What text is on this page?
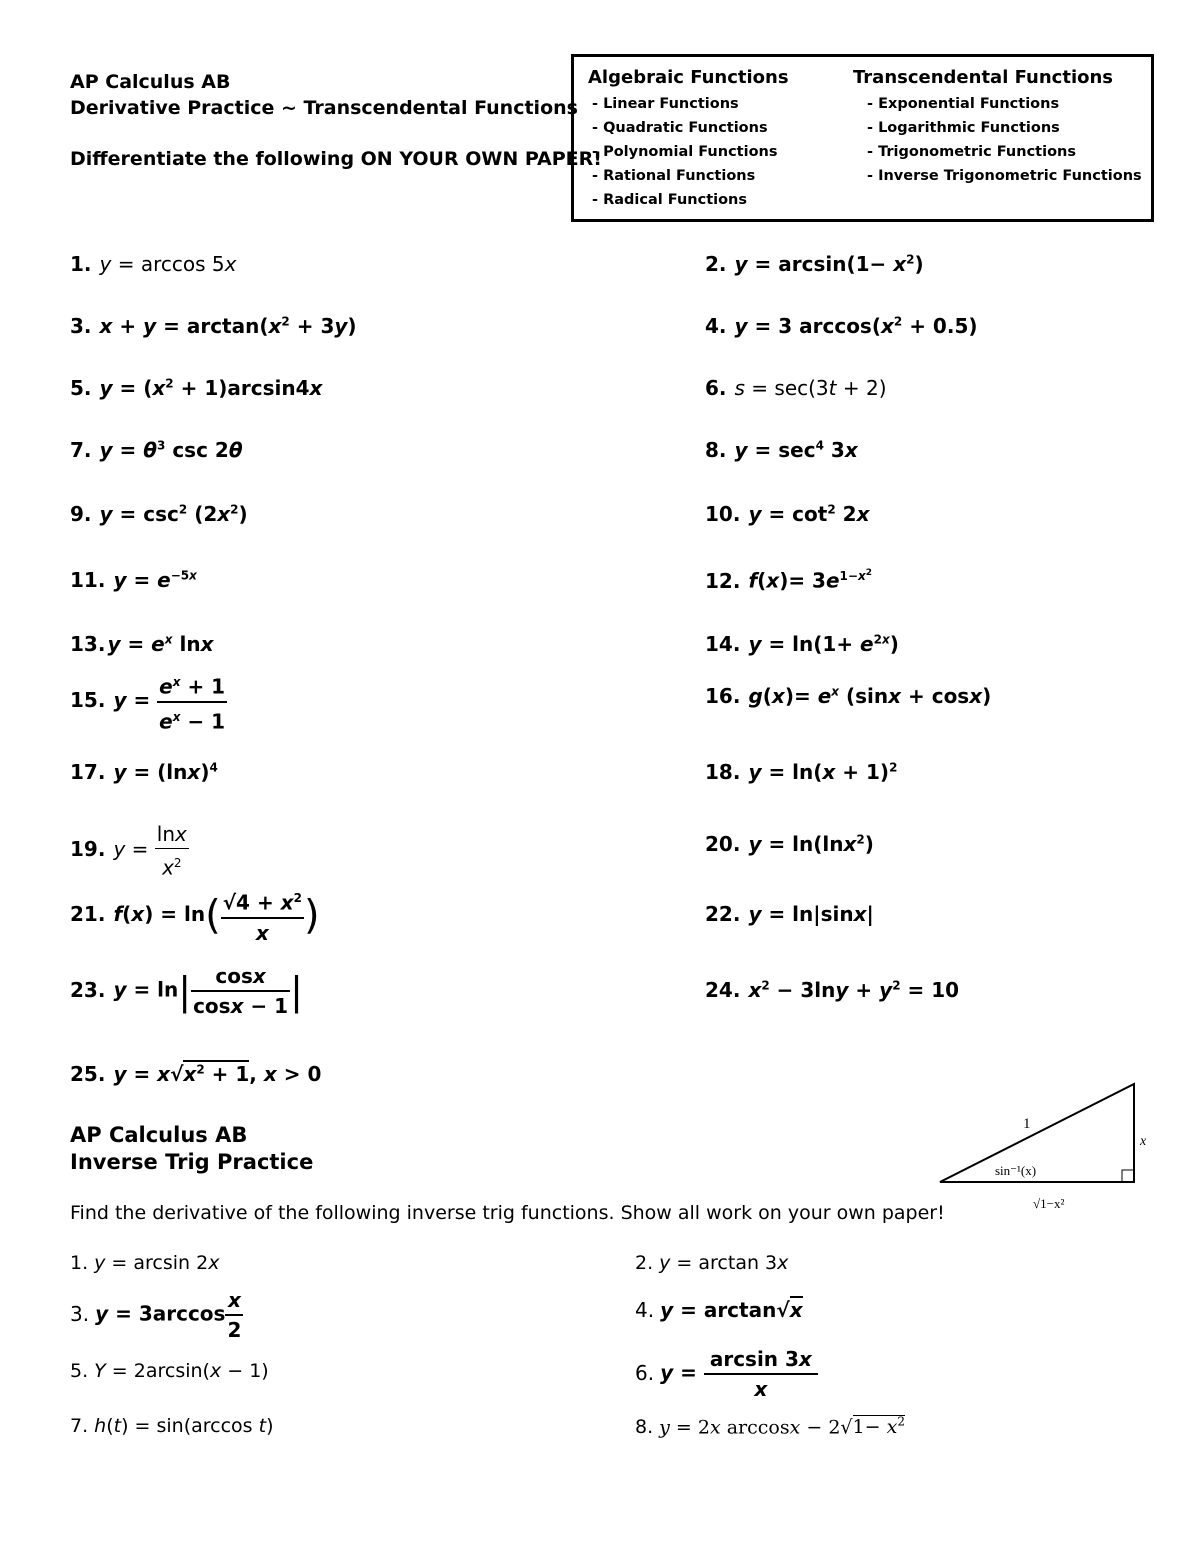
AP Calculus AB
Derivative Practice ~ Transcendental Functions
Differentiate the following ON YOUR OWN PAPER!
Algebraic Functions
- Linear Functions
- Quadratic Functions
- Polynomial Functions
- Rational Functions
- Radical Functions
Transcendental Functions
- Exponential Functions
- Logarithmic Functions
- Trigonometric Functions
- Inverse Trigonometric Functions
1. y = arccos 5x
3. $x + y = \arctan(x^2 + 3y)$
5. $y = (x^2 + 1)\arcsin 4x$
7. $y = \theta^3$ csc 2θ
9. $y = \csc^2 (2x^2)$
11. $y = e^{-5x}$
13. $y = e^x$ lnx
15. $y = \frac{e^x + 1}{e^x - 1}$
17. $y = (\ln x)^4$
19. $y = \frac{\ln x}{x^2}$
21. $f(x) = \ln( \frac{√4 + x^2}{x}$ )
23. $y = \ln| \frac{\cos x}{\cos x - 1}$ |
25. $y = x√x^2 + 1$, x > 0
2. $y = \arcsin(1- x^2)$
4. y = 3 $\arccos(x^2 + 0.5)$
6. s = sec(3t + 2)
8. $y = \sec^4 3x$
10. $y = \cot^2 2x$
12. $f(x)= 3e^{1-x^2}$
14. $y = \ln(1+ e^{2x})$
16. $g(x)= e^x$ (sinx + cosx)
18. $y = \ln(x + 1)^2$
20. y = ln(lnx$^2$)
22. y = ln|sinx|
24. $x^2 - 3\ln y + y^2 = 10$
AP Calculus AB
Inverse Trig Practice
Find the derivative of the following inverse trig functions. Show all work on your own paper!
1
x
sin⁻¹(x)
√1−x²
1. y = arcsin 2x
3. $y = 3\arccos \frac{x}{2}$
5. Y = 2arcsin(x − 1)
7. h(t) = sin(arccos t)
2. y = arctan 3x
4. y = arctan√x
6. $y = \frac{\arcsin 3x}{x}$
8. y = 2x $\arccos x - 2√1- x^2$
